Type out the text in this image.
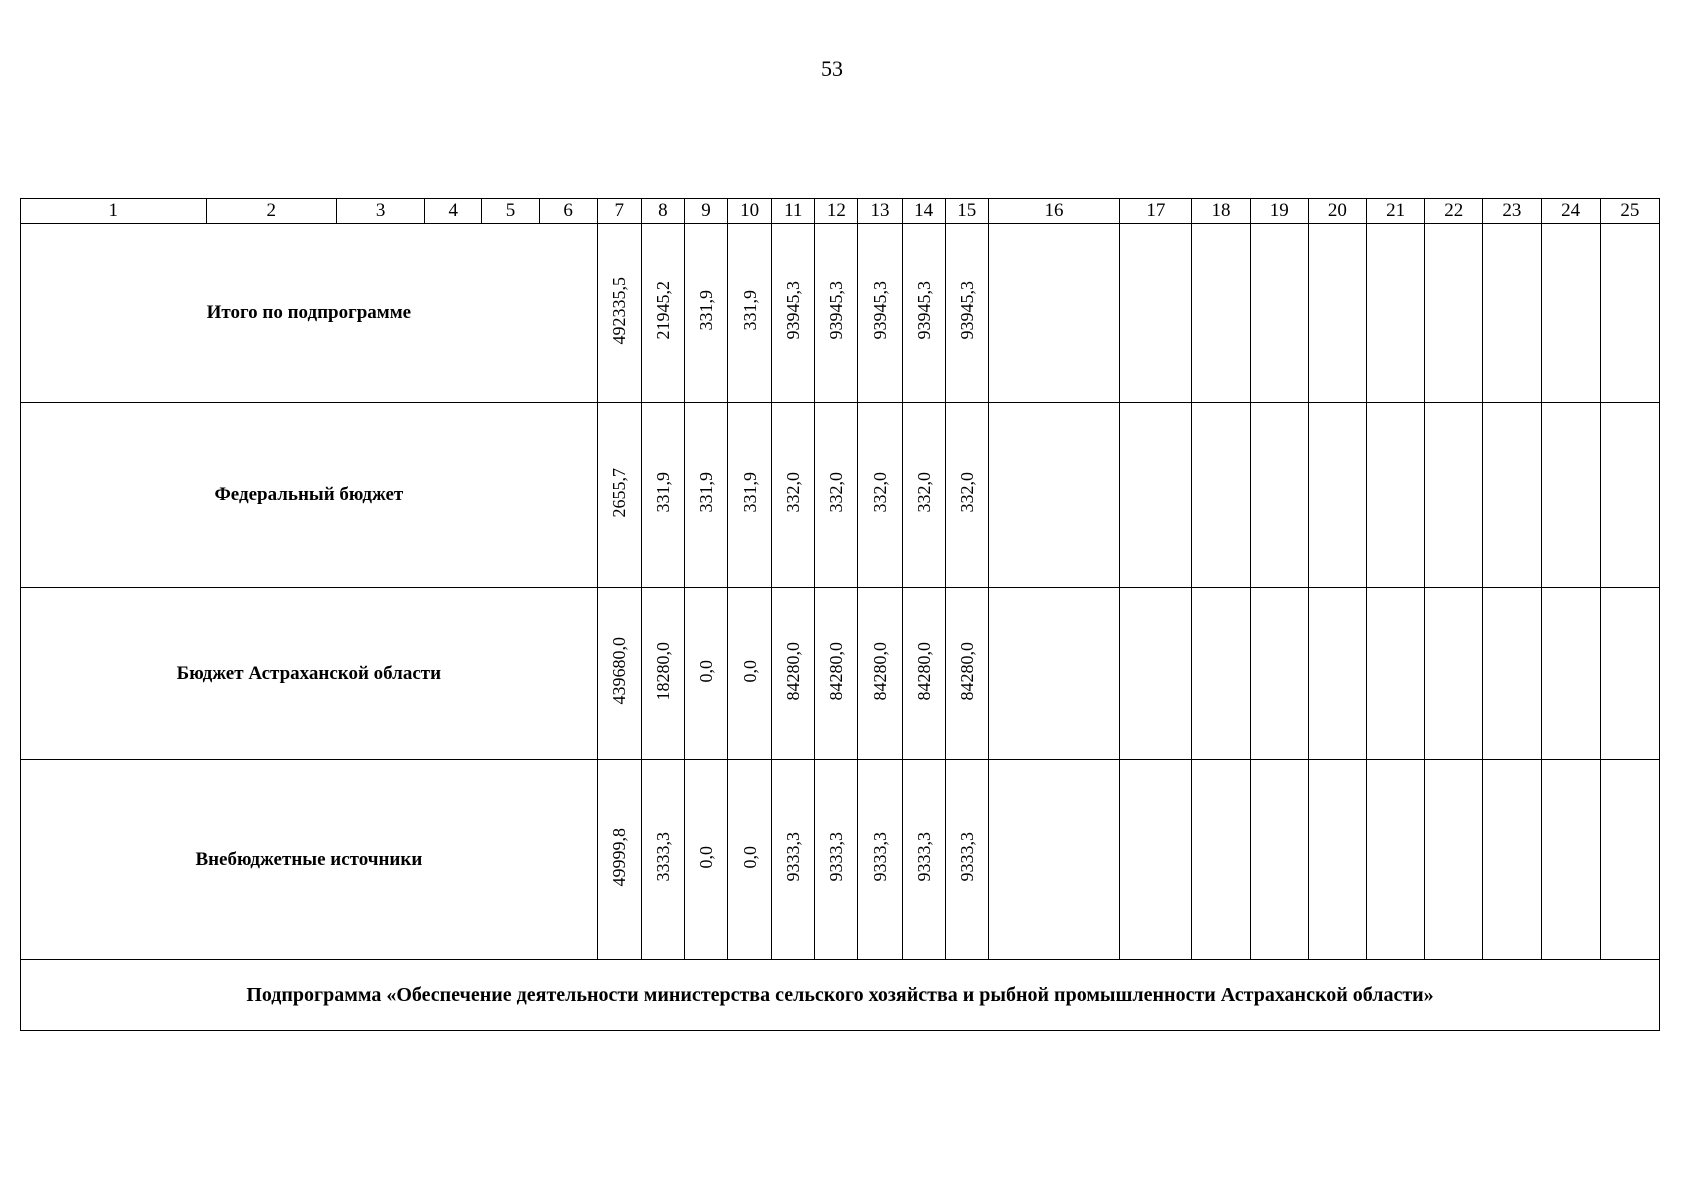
53
1	2	3	4	5	6	7	8	9	10	11	12	13	14	15	16	17	18	19	20	21	22	23	24	25
Итого по подпрограмме						492335,5	21945,2	331,9	331,9	93945,3	93945,3	93945,3	93945,3	93945,3										
Федеральный бюджет						2655,7	331,9	331,9	331,9	332,0	332,0	332,0	332,0	332,0										
Бюджет Астраханской области						439680,0	18280,0	0,0	0,0	84280,0	84280,0	84280,0	84280,0	84280,0										
Внебюджетные источники						49999,8	3333,3	0,0	0,0	9333,3	9333,3	9333,3	9333,3	9333,3										
Подпрограмма «Обеспечение деятельности министерства сельского хозяйства и рыбной промышленности Астраханской области»																								
